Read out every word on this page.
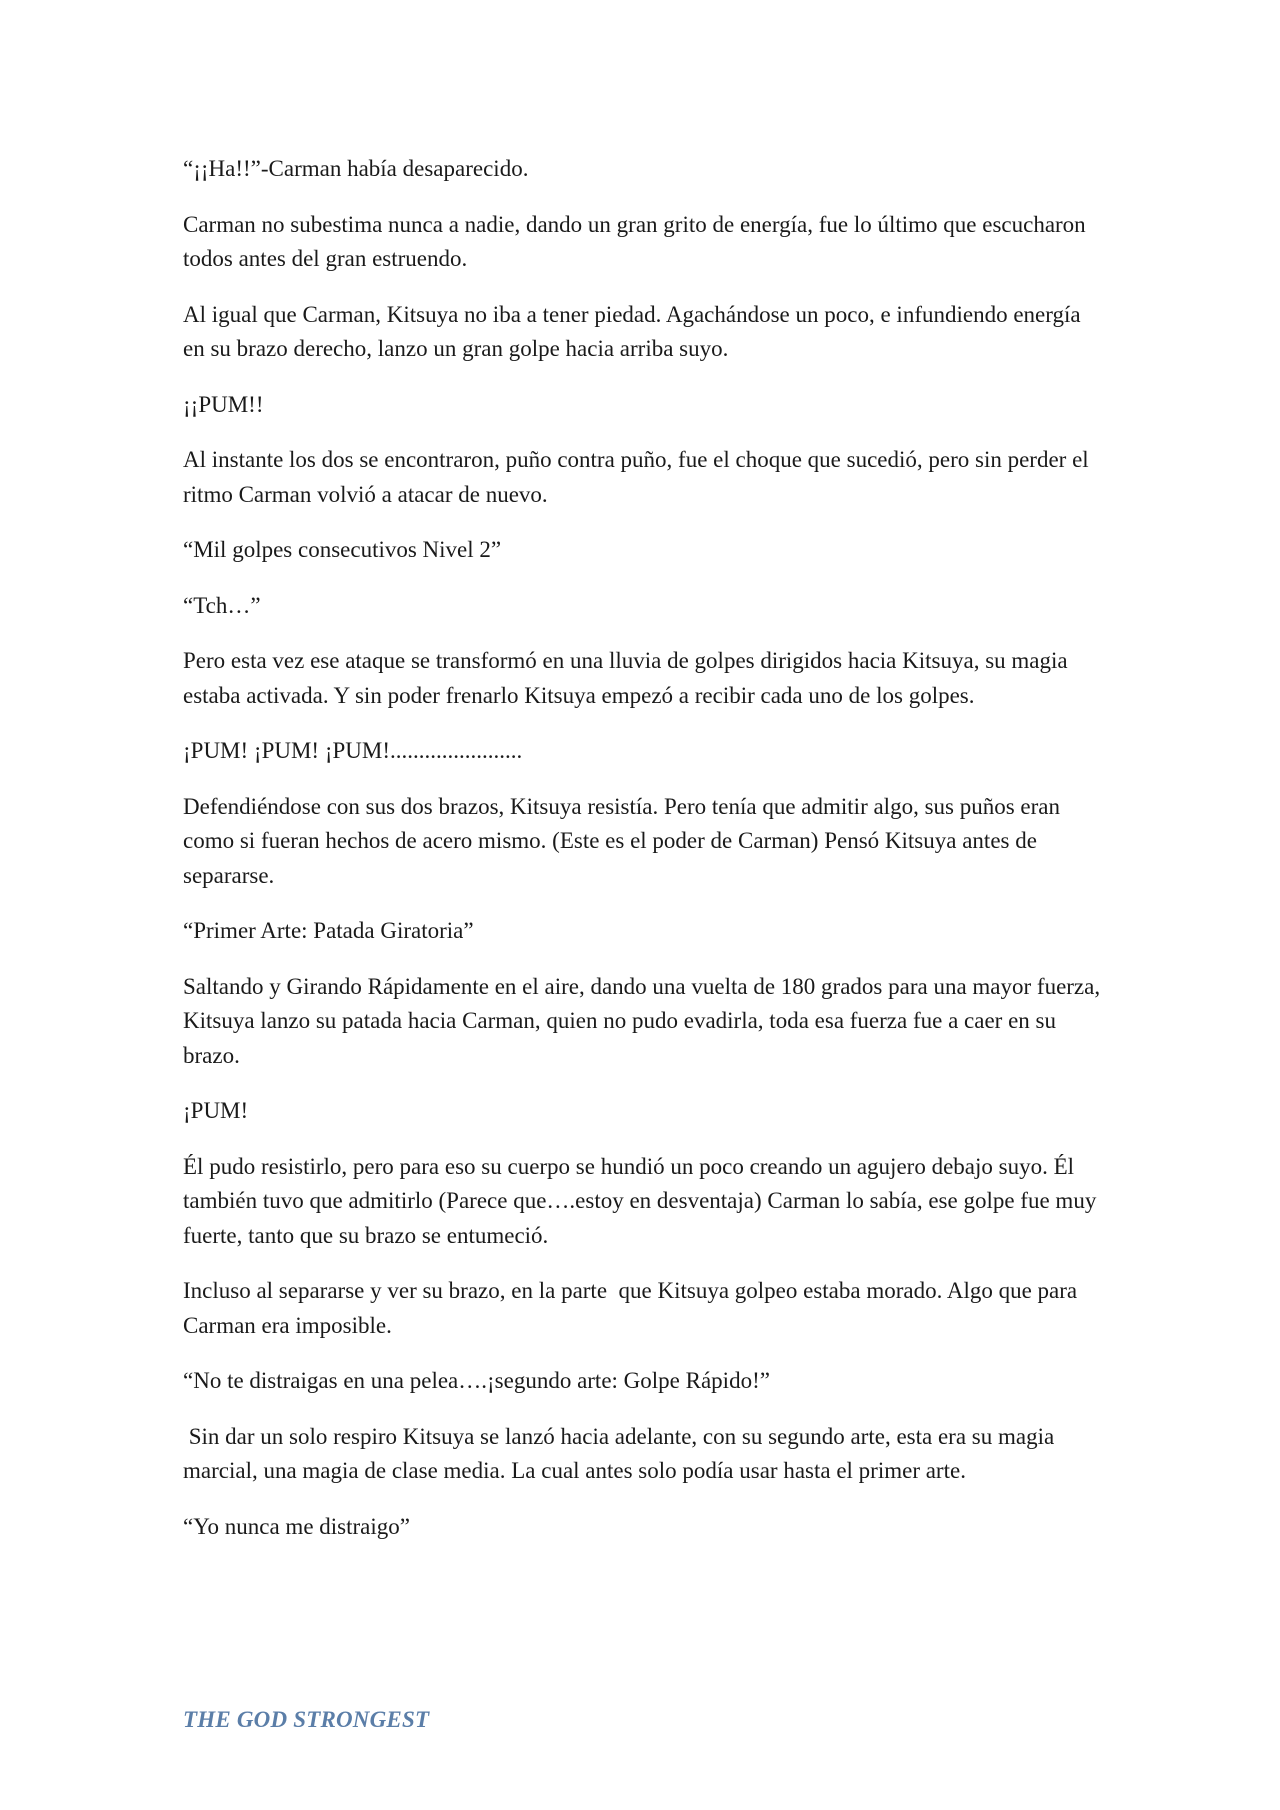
“¡¡Ha!!”-Carman había desaparecido.

Carman no subestima nunca a nadie, dando un gran grito de energía, fue lo último que escucharon todos antes del gran estruendo.

Al igual que Carman, Kitsuya no iba a tener piedad. Agachándose un poco, e infundiendo energía en su brazo derecho, lanzo un gran golpe hacia arriba suyo.

¡¡PUM!!

Al instante los dos se encontraron, puño contra puño, fue el choque que sucedió, pero sin perder el ritmo Carman volvió a atacar de nuevo.

“Mil golpes consecutivos Nivel 2”

“Tch…”

Pero esta vez ese ataque se transformó en una lluvia de golpes dirigidos hacia Kitsuya, su magia estaba activada. Y sin poder frenarlo Kitsuya empezó a recibir cada uno de los golpes.

¡PUM! ¡PUM! ¡PUM!.......................

Defendiéndose con sus dos brazos, Kitsuya resistía. Pero tenía que admitir algo, sus puños eran como si fueran hechos de acero mismo. (Este es el poder de Carman) Pensó Kitsuya antes de separarse.

“Primer Arte: Patada Giratoria”

Saltando y Girando Rápidamente en el aire, dando una vuelta de 180 grados para una mayor fuerza, Kitsuya lanzo su patada hacia Carman, quien no pudo evadirla, toda esa fuerza fue a caer en su brazo.

¡PUM!

Él pudo resistirlo, pero para eso su cuerpo se hundió un poco creando un agujero debajo suyo. Él también tuvo que admitirlo (Parece que….estoy en desventaja) Carman lo sabía, ese golpe fue muy fuerte, tanto que su brazo se entumeció.

Incluso al separarse y ver su brazo, en la parte  que Kitsuya golpeo estaba morado. Algo que para Carman era imposible.

“No te distraigas en una pelea….¡segundo arte: Golpe Rápido!”

Sin dar un solo respiro Kitsuya se lanzó hacia adelante, con su segundo arte, esta era su magia marcial, una magia de clase media. La cual antes solo podía usar hasta el primer arte.

“Yo nunca me distraigo”

THE GOD STRONGEST
